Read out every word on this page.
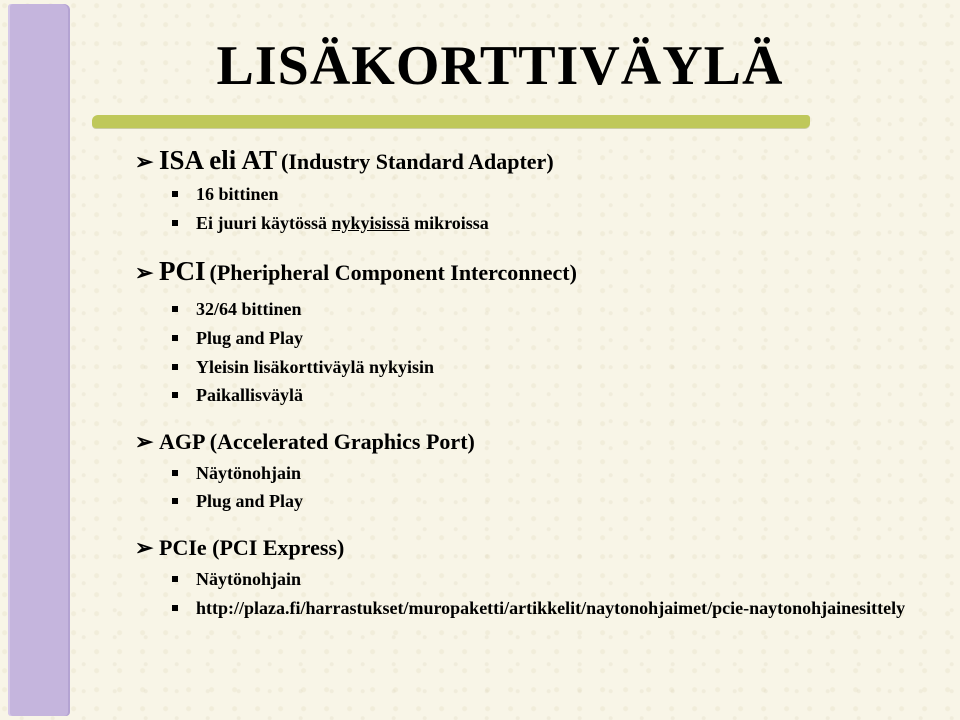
LISÄKORTTIVÄYLÄ
➢ ISA eli AT
(Industry Standard Adapter)
16 bittinen
Ei juuri käytössä nykyisissä mikroissa
➢ PCI
(Pheripheral Component Interconnect)
32/64 bittinen
Plug and Play
Yleisin lisäkorttiväylä nykyisin
Paikallisväylä
➢ AGP (Accelerated Graphics Port)
Näytönohjain
Plug and Play
➢ PCIe (PCI Express)
Näytönohjain
http://plaza.fi/harrastukset/muropaketti/artikkelit/naytonohjaimet/pcie-naytonohjainesittely
